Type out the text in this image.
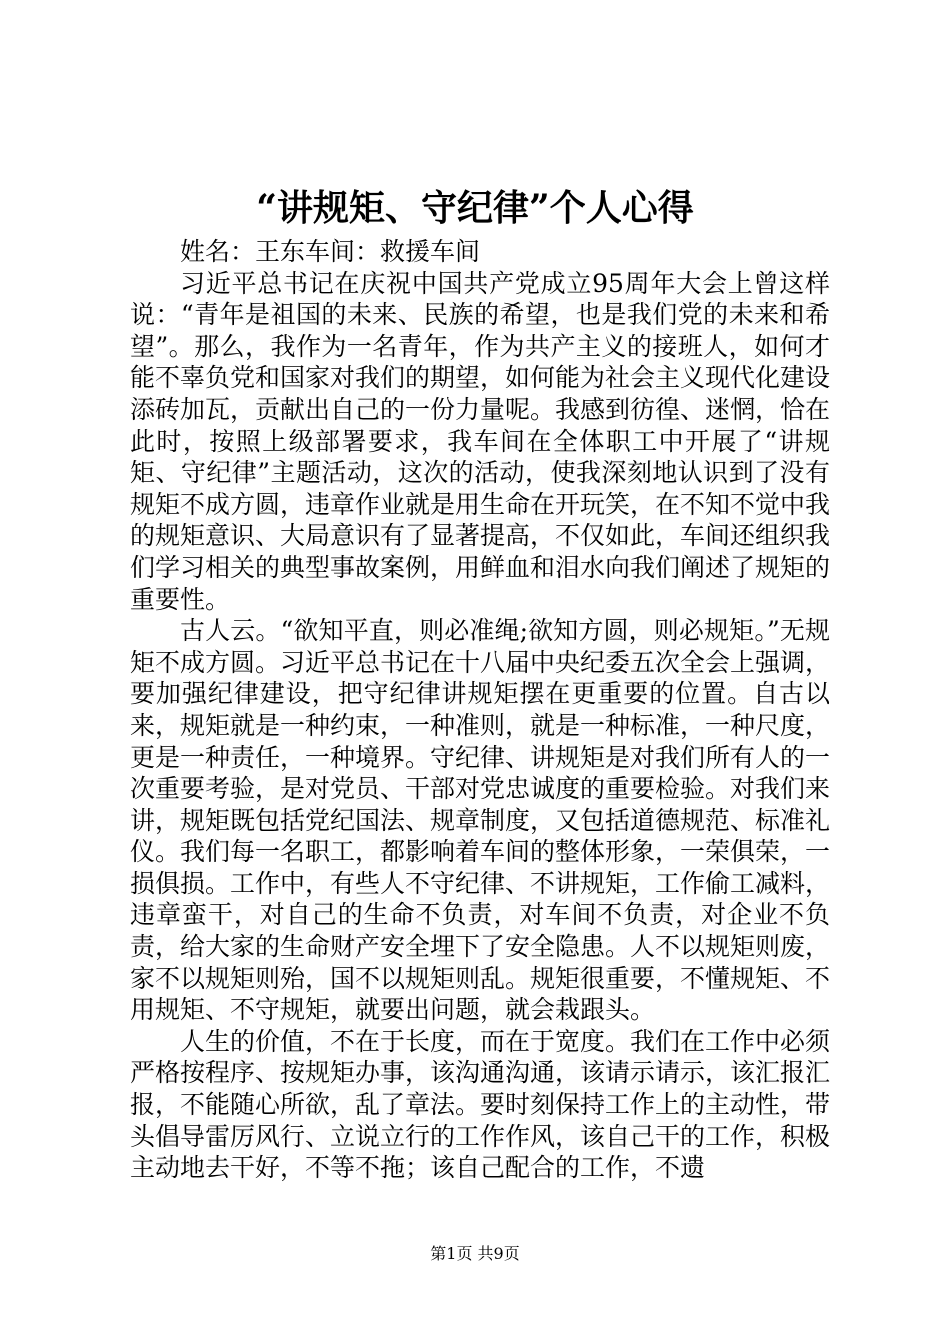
“讲规矩、守纪律”个人心得

姓名：王东车间：救援车间

习近平总书记在庆祝中国共产党成立95周年大会上曾这样说：“青年是祖国的未来、民族的希望，也是我们党的未来和希望”。那么，我作为一名青年，作为共产主义的接班人，如何才能不辜负党和国家对我们的期望，如何能为社会主义现代化建设添砖加瓦，贡献出自己的一份力量呢。我感到彷徨、迷惘，恰在此时，按照上级部署要求，我车间在全体职工中开展了“讲规矩、守纪律”主题活动，这次的活动，使我深刻地认识到了没有规矩不成方圆，违章作业就是用生命在开玩笑，在不知不觉中我的规矩意识、大局意识有了显著提高，不仅如此，车间还组织我们学习相关的典型事故案例，用鲜血和泪水向我们阐述了规矩的重要性。

古人云。“欲知平直，则必准绳;欲知方圆，则必规矩。”无规矩不成方圆。习近平总书记在十八届中央纪委五次全会上强调，要加强纪律建设，把守纪律讲规矩摆在更重要的位置。自古以来，规矩就是一种约束，一种准则，就是一种标准，一种尺度，更是一种责任，一种境界。守纪律、讲规矩是对我们所有人的一次重要考验，是对党员、干部对党忠诚度的重要检验。对我们来讲，规矩既包括党纪国法、规章制度，又包括道德规范、标准礼仪。我们每一名职工，都影响着车间的整体形象，一荣俱荣，一损俱损。工作中，有些人不守纪律、不讲规矩，工作偷工减料，违章蛮干，对自己的生命不负责，对车间不负责，对企业不负责，给大家的生命财产安全埋下了安全隐患。人不以规矩则废，家不以规矩则殆，国不以规矩则乱。规矩很重要，不懂规矩、不用规矩、不守规矩，就要出问题，就会栽跟头。

人生的价值，不在于长度，而在于宽度。我们在工作中必须严格按程序、按规矩办事，该沟通沟通，该请示请示，该汇报汇报，不能随心所欲，乱了章法。要时刻保持工作上的主动性，带头倡导雷厉风行、立说立行的工作作风，该自己干的工作，积极主动地去干好，不等不拖；该自己配合的工作，不遗

第1页 共9页
